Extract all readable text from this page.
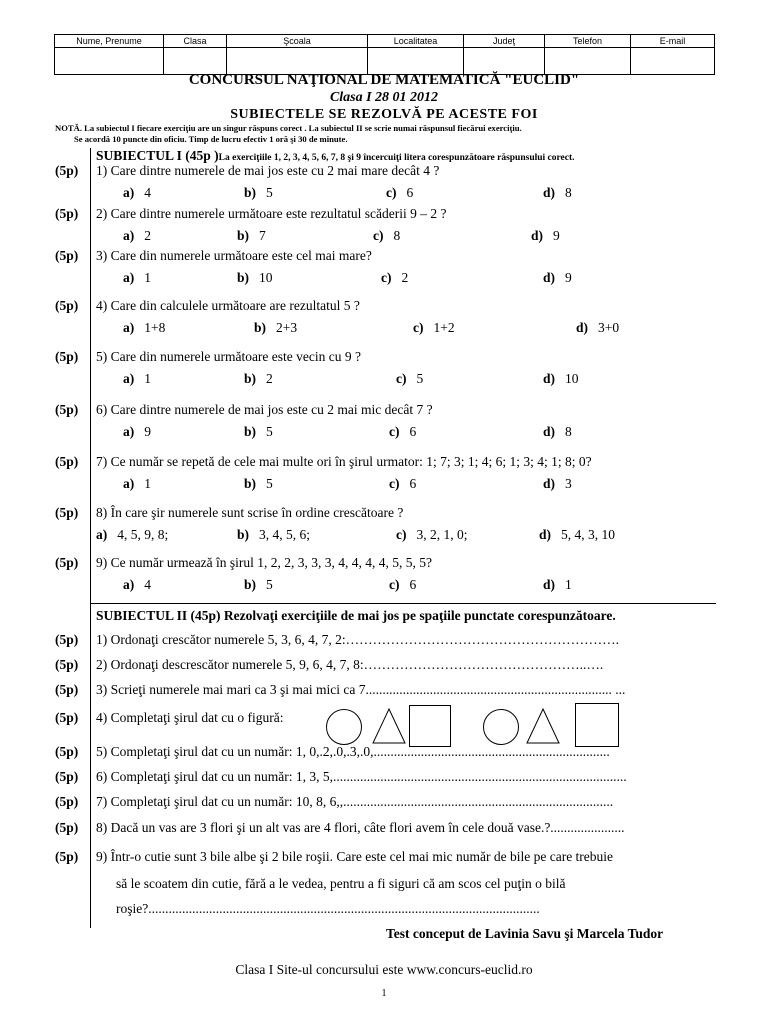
Nume, Prenume	Clasa	Şcoala	Localitatea	Judeţ	Telefon	E-mail

CONCURSUL NAŢIONAL DE MATEMATICĂ "EUCLID"
Clasa I 28 01 2012
SUBIECTELE SE REZOLVĂ PE ACESTE FOI
NOTĂ. La subiectul I fiecare exerciţiu are un singur răspuns corect . La subiectul II se scrie numai răspunsul fiecărui exerciţiu.
Se acordă 10 puncte din oficiu. Timp de lucru efectiv 1 oră şi 30 de minute.
SUBIECTUL I (45p )La exerciţiile 1, 2, 3, 4, 5, 6, 7, 8 şi 9 încercuiţi litera corespunzătoare răspunsului corect.
(5p) 1) Care dintre numerele de mai jos este cu 2 mai mare decât 4 ?
a) 4	b) 5	c) 6	d) 8
(5p) 2) Care dintre numerele următoare este rezultatul scăderii 9 – 2 ?
a) 2	b) 7	c) 8	d) 9
(5p) 3) Care din numerele următoare este cel mai mare?
a) 1	b) 10	c) 2	d) 9
(5p) 4) Care din calculele următoare are rezultatul 5 ?
a) 1+8	b) 2+3	c) 1+2	d) 3+0
(5p) 5) Care din numerele următoare este vecin cu 9 ?
a) 1	b) 2	c) 5	d) 10
(5p) 6) Care dintre numerele de mai jos este cu 2 mai mic decât 7 ?
a) 9	b) 5	c) 6	d) 8
(5p) 7) Ce număr se repetă de cele mai multe ori în şirul urmator: 1; 7; 3; 1; 4; 6; 1; 3; 4; 1; 8; 0?
a) 1	b) 5	c) 6	d) 3
(5p) 8) În care şir numerele sunt scrise în ordine crescătoare ?
a) 4, 5, 9, 8;	b) 3, 4, 5, 6;	c) 3, 2, 1, 0;	d) 5, 4, 3, 10
(5p) 9) Ce număr urmează în şirul 1, 2, 2, 3, 3, 3, 4, 4, 4, 4, 5, 5, 5?
a) 4	b) 5	c) 6	d) 1
SUBIECTUL II (45p) Rezolvaţi exerciţiile de mai jos pe spaţiile punctate corespunzătoare.
(5p) 1) Ordonaţi crescător numerele 5, 3, 6, 4, 7, 2:…………………………………………………….
(5p) 2) Ordonaţi descrescător numerele 5, 9, 6, 4, 7, 8:…………………………………………..….
(5p) 3) Scrieţi numerele mai mari ca 3 şi mai mici ca 7......................................................................... ...
(5p) 4) Completaţi şirul dat cu o figură:
(5p) 5) Completaţi şirul dat cu un număr: 1, 0,.2,.0,.3,.0,......................................................................
(5p) 6) Completaţi şirul dat cu un număr: 1, 3, 5,.......................................................................................
(5p) 7) Completaţi şirul dat cu un număr: 10, 8, 6,,................................................................................
(5p) 8) Dacă un vas are 3 flori şi un alt vas are 4 flori, câte flori avem în cele două vase.?......................
(5p) 9) Într-o cutie sunt 3 bile albe şi 2 bile roşii. Care este cel mai mic număr de bile pe care trebuie
să le scoatem din cutie, fără a le vedea, pentru a fi siguri că am scos cel puţin o bilă
roşie?....................................................................................................................
Test conceput de Lavinia Savu şi Marcela Tudor
Clasa I Site-ul concursului este www.concurs-euclid.ro
1
